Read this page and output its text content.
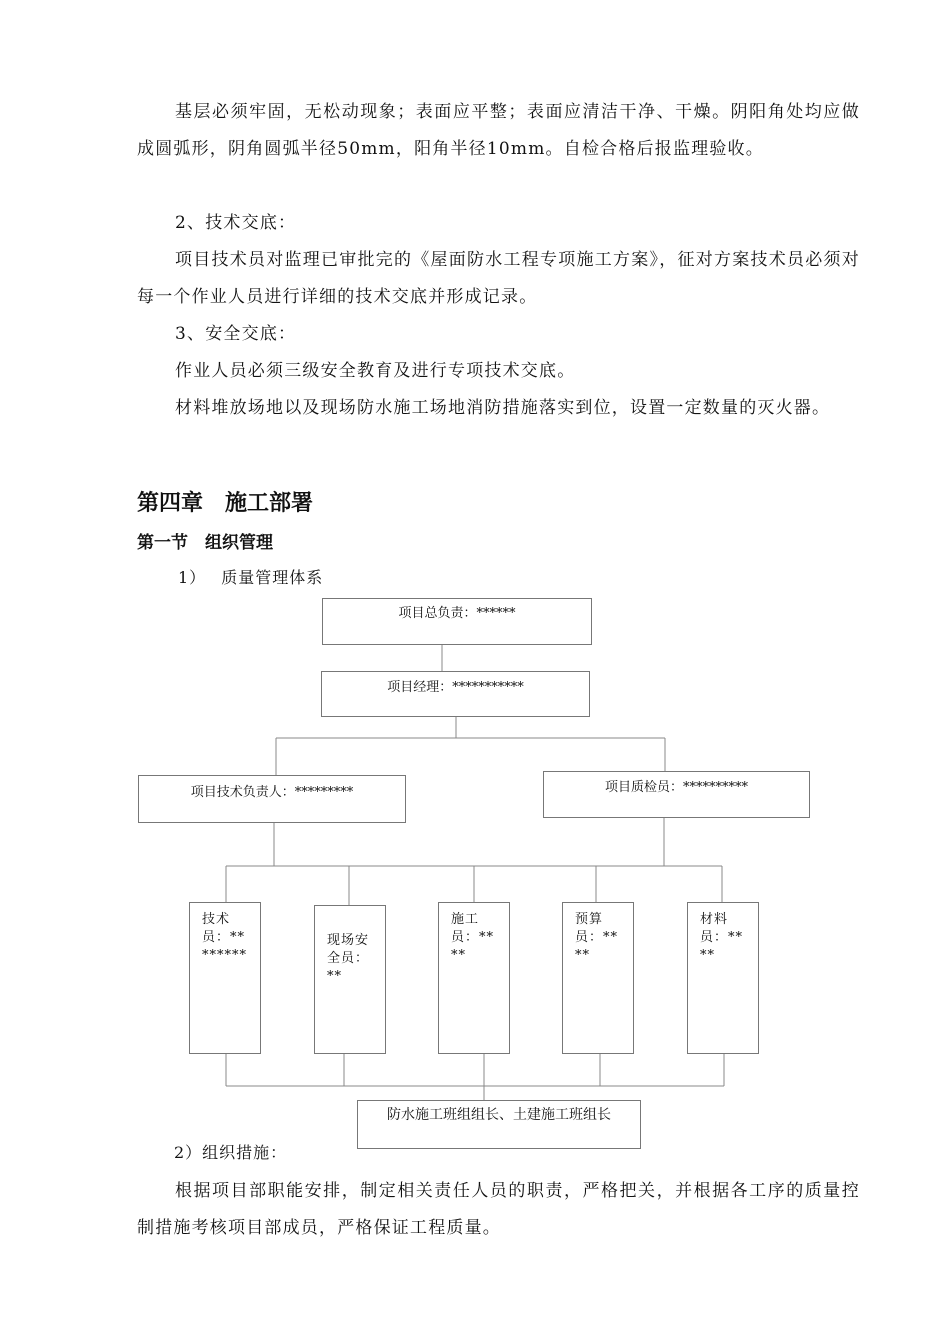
基层必须牢固，无松动现象；表面应平整；表面应清洁干净、干燥。阴阳角处均应做成圆弧形，阴角圆弧半径50mm，阳角半径10mm。自检合格后报监理验收。

2、技术交底：

项目技术员对监理已审批完的《屋面防水工程专项施工方案》，征对方案技术员必须对每一个作业人员进行详细的技术交底并形成记录。

3、安全交底：

作业人员必须三级安全教育及进行专项技术交底。

材料堆放场地以及现场防水施工场地消防措施落实到位，设置一定数量的灭火器。

第四章　施工部署
第一节　组织管理

1）　 质量管理体系

项目总负责：******
项目经理：***********
项目技术负责人：*********	项目质检员：**********
技术员：********
现场安全员：**
施工员：****
预算员：****
材料员：****
防水施工班组组长、土建施工班组长

2）组织措施：

根据项目部职能安排，制定相关责任人员的职责，严格把关，并根据各工序的质量控制措施考核项目部成员，严格保证工程质量。
